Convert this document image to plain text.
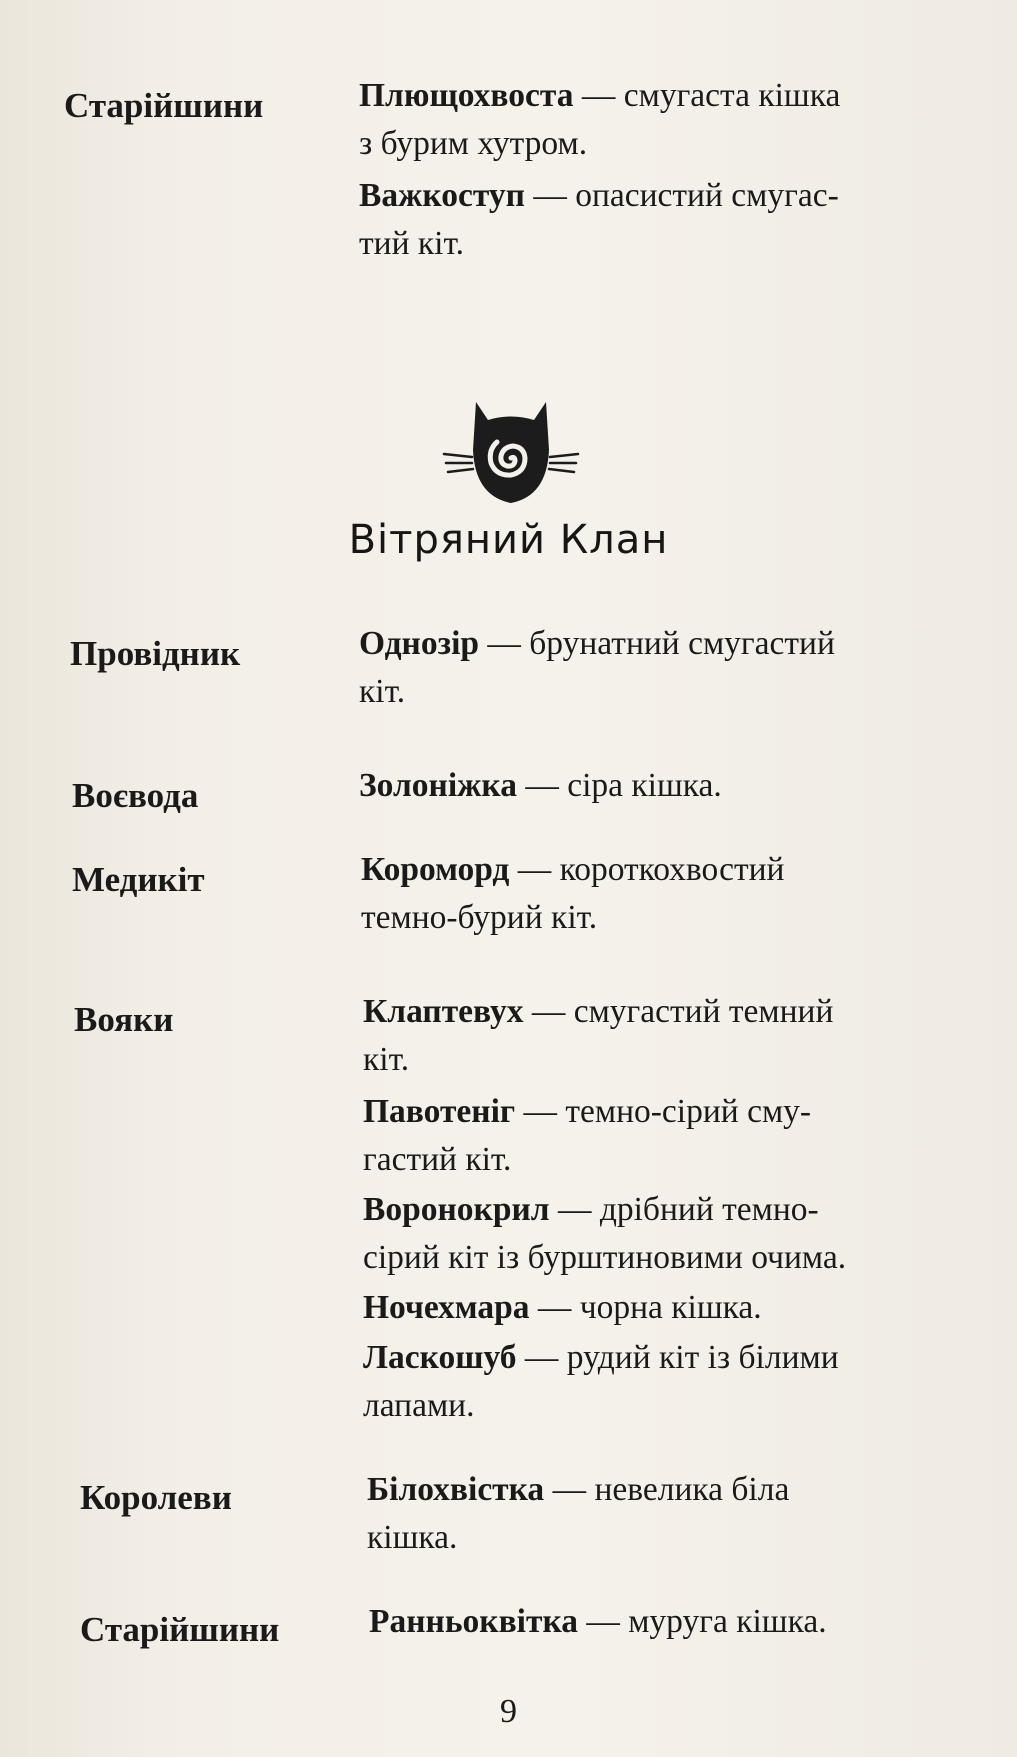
Старійшини	Плющохвоста — смугаста кішка
з бурим хутром.
Важкоступ — опасистий смугас-
тий кіт.
Вітряний Клан
Провідник	Однозір — брунатний смугастий
кіт.
Воєвода	Золоніжка — сіра кішка.
Медикіт	Коромор‍д — короткохвостий
темно-бурий кіт.
Вояки	Клаптевух — смугастий темний
кіт.
Павотеніг — темно-сірий сму-
гастий кіт.
Воронокрил — дрібний темно-
сірий кіт із бурштиновими очима.
Ночехмара — чорна кішка.
Ласкошуб — рудий кіт із білими
лапами.
Королеви	Білохвістка — невелика біла
кішка.
Старійшини	Ранньоквітка — муруга кішка.
9
